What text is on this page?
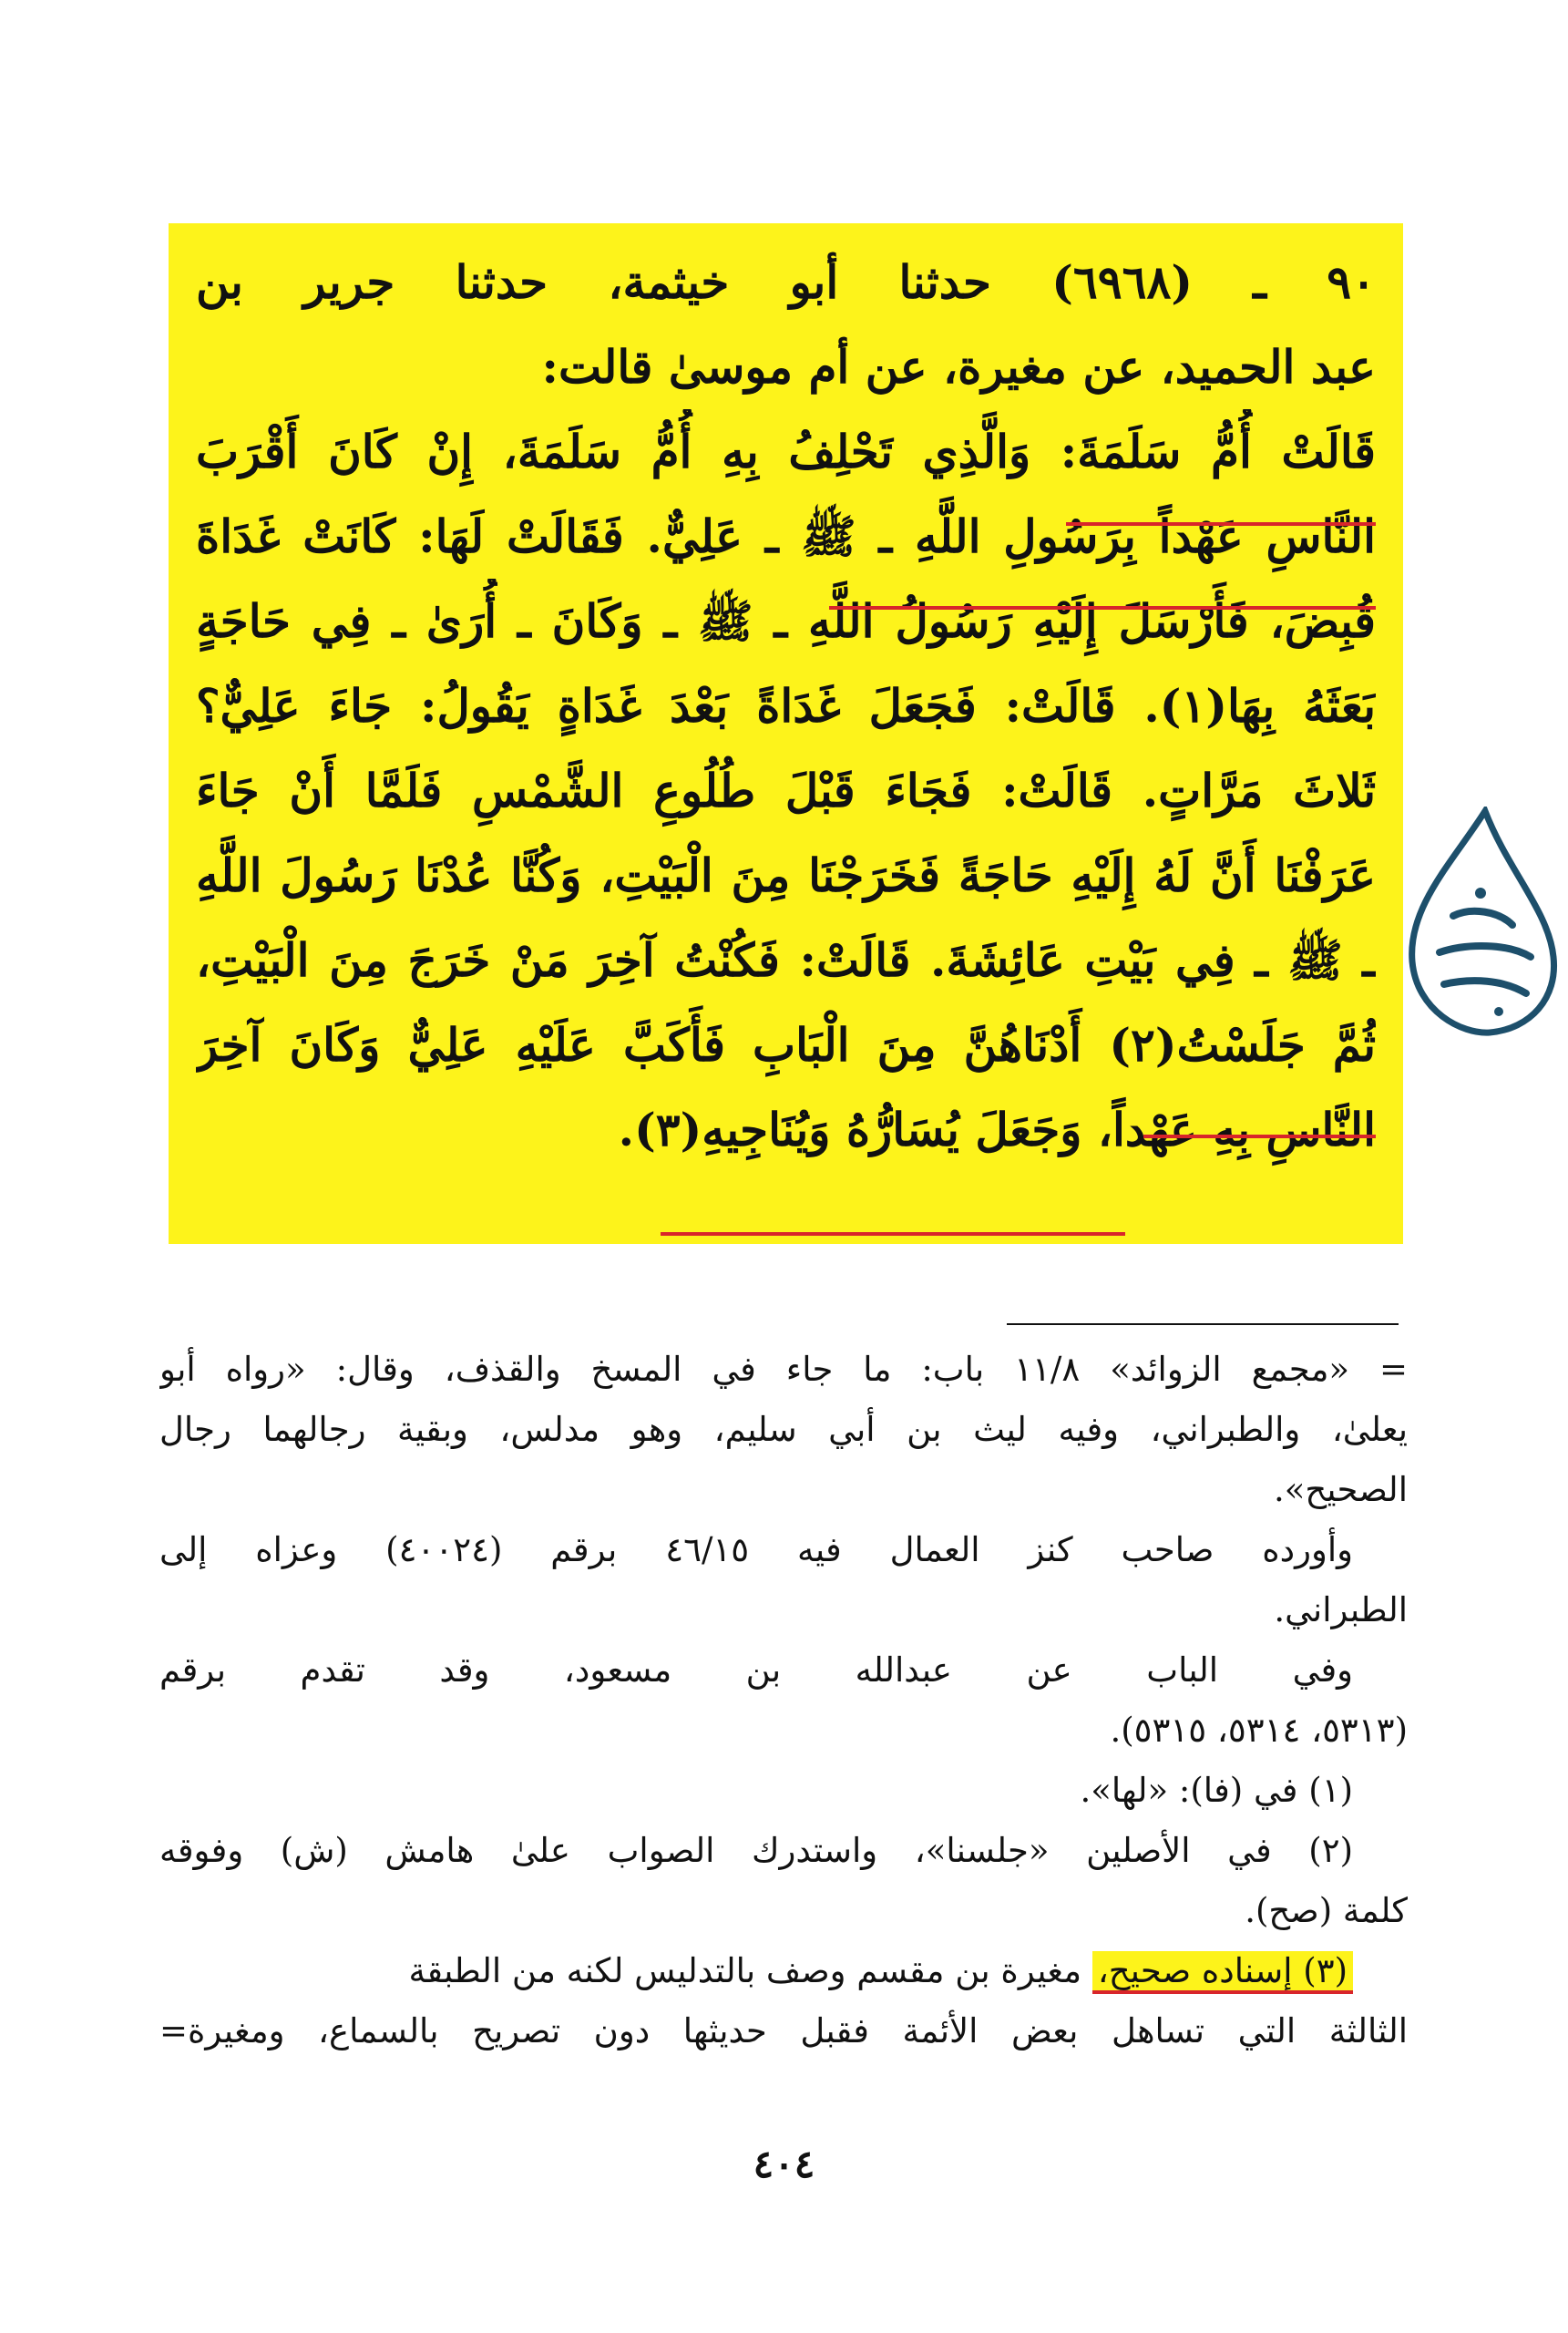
٩٠ ـ (٦٩٦٨) حدثنا أبو خيثمة، حدثنا جرير بن
عبد الحميد، عن مغيرة، عن أم موسىٰ قالت:
قَالَتْ أُمُّ سَلَمَةَ: وَالَّذِي تَحْلِفُ بِهِ أُمُّ سَلَمَةَ، إِنْ كَانَ أَقْرَبَ
النَّاسِ عَهْداً بِرَسُولِ اللَّهِ ـ ﷺ ـ عَلِيٌّ. فَقَالَتْ لَهَا: كَانَتْ غَدَاةَ
قُبِضَ، فَأَرْسَلَ إِلَيْهِ رَسُولُ اللَّهِ ـ ﷺ ـ وَكَانَ ـ أُرَىٰ ـ فِي حَاجَةٍ
بَعَثَهُ بِهَا(١). قَالَتْ: فَجَعَلَ غَدَاةً بَعْدَ غَدَاةٍ يَقُولُ: جَاءَ عَلِيٌّ؟
ثَلاثَ مَرَّاتٍ. قَالَتْ: فَجَاءَ قَبْلَ طُلُوعِ الشَّمْسِ فَلَمَّا أَنْ جَاءَ
عَرَفْنَا أَنَّ لَهُ إِلَيْهِ حَاجَةً فَخَرَجْنَا مِنَ الْبَيْتِ، وَكُنَّا عُدْنَا رَسُولَ اللَّهِ
ـ ﷺ ـ فِي بَيْتِ عَائِشَةَ. قَالَتْ: فَكُنْتُ آخِرَ مَنْ خَرَجَ مِنَ الْبَيْتِ،
ثُمَّ جَلَسْتُ(٢) أَدْنَاهُنَّ مِنَ الْبَابِ فَأَكَبَّ عَلَيْهِ عَلِيٌّ وَكَانَ آخِرَ
النَّاسِ بِهِ عَهْداً، وَجَعَلَ يُسَارُّهُ وَيُنَاجِيهِ(٣).
= «مجمع الزوائد» ١١/٨ باب: ما جاء في المسخ والقذف، وقال: «رواه أبو
يعلىٰ، والطبراني، وفيه ليث بن أبي سليم، وهو مدلس، وبقية رجالهما رجال
الصحيح».
وأورده صاحب كنز العمال فيه ٤٦/١٥ برقم (٤٠٠٢٤) وعزاه إلى
الطبراني.
وفي الباب عن عبدالله بن مسعود، وقد تقدم برقم
(٥٣١٣، ٥٣١٤، ٥٣١٥).
(١) في (فا): «لها».
(٢) في الأصلين «جلسنا»، واستدرك الصواب علىٰ هامش (ش) وفوقه
كلمة (صح).
(٣) إسناده صحيح، مغيرة بن مقسم وصف بالتدليس لكنه من الطبقة
الثالثة التي تساهل بعض الأئمة فقبل حديثها دون تصريح بالسماع، ومغيرة=
٤٠٤
